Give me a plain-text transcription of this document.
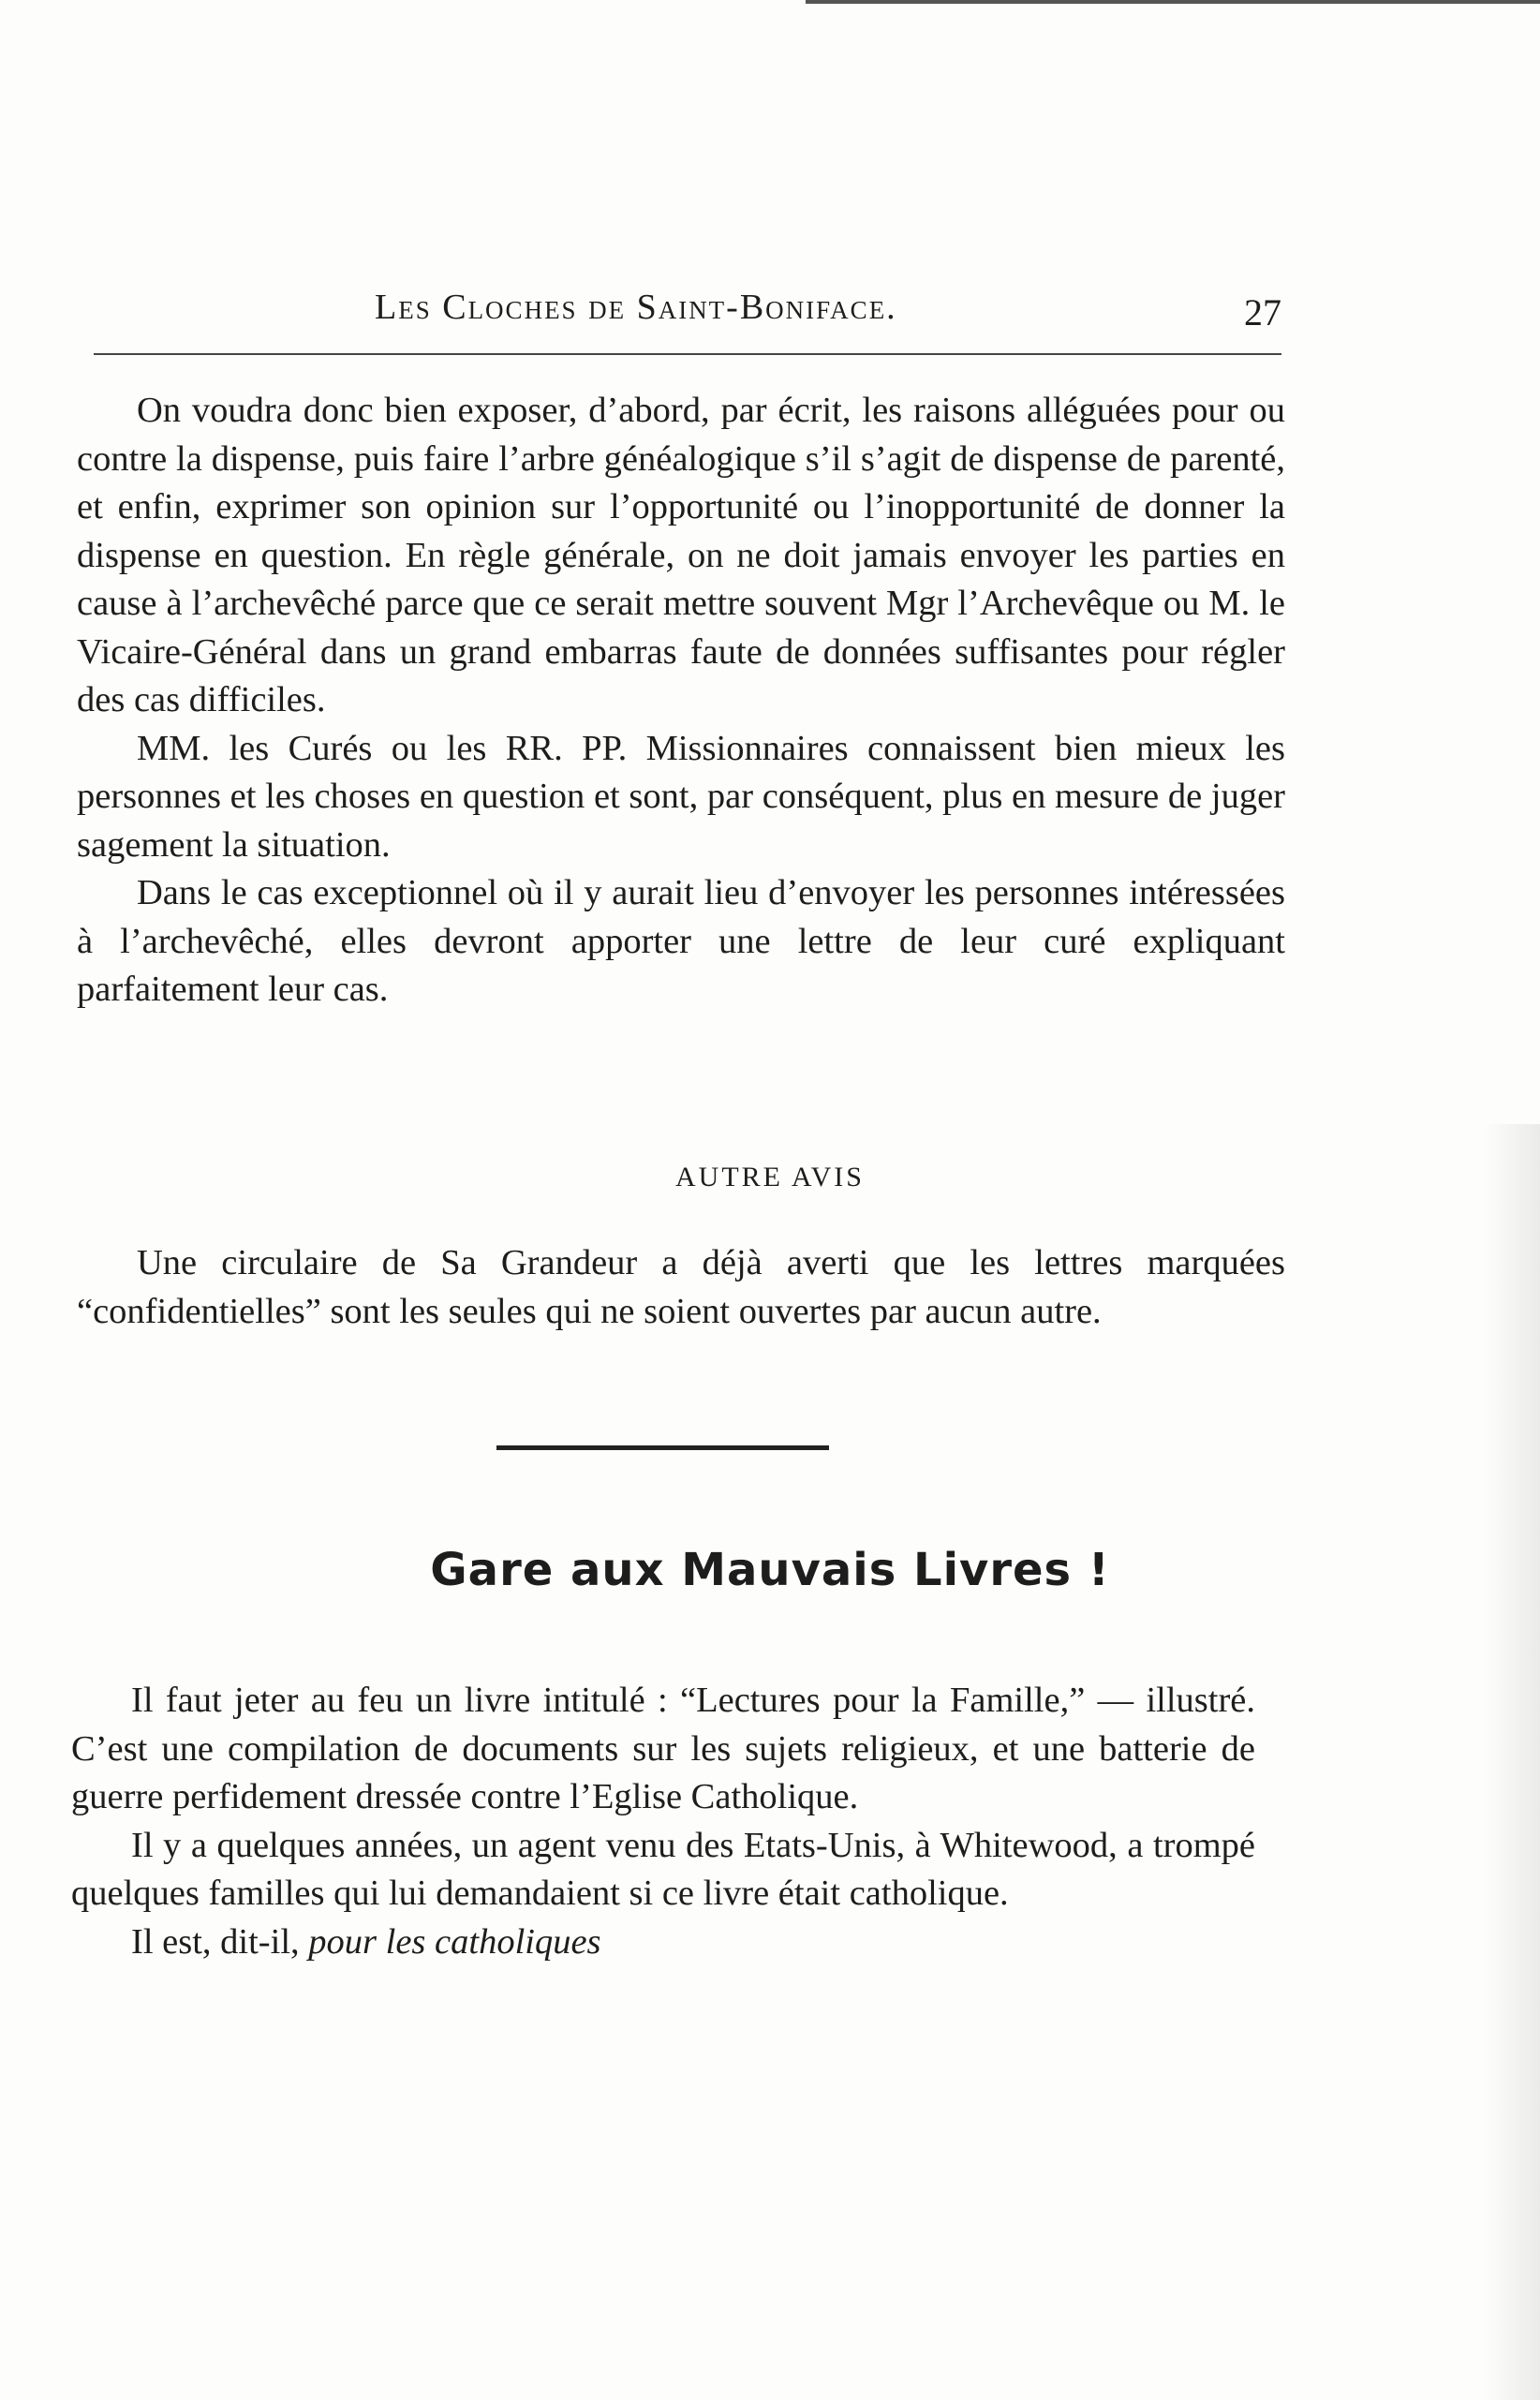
Les Cloches de Saint-Boniface.	27

On voudra donc bien exposer, d’abord, par écrit, les raisons alléguées pour ou contre la dispense, puis faire l’arbre généalogique s’il s’agit de dispense de parenté, et enfin, exprimer son opinion sur l’opportunité ou l’inopportunité de donner la dispense en question. En règle générale, on ne doit jamais envoyer les parties en cause à l’archevêché parce que ce serait mettre souvent Mgr l’Archevêque ou M. le Vicaire-Général dans un grand embarras faute de données suffisantes pour régler des cas difficiles.

MM. les Curés ou les RR. PP. Missionnaires connaissent bien mieux les personnes et les choses en question et sont, par conséquent, plus en mesure de juger sagement la situation.

Dans le cas exceptionnel où il y aurait lieu d’envoyer les personnes intéressées à l’archevêché, elles devront apporter une lettre de leur curé expliquant parfaitement leur cas.

AUTRE AVIS

Une circulaire de Sa Grandeur a déjà averti que les lettres marquées “confidentielles” sont les seules qui ne soient ouvertes par aucun autre.

Gare aux Mauvais Livres !

Il faut jeter au feu un livre intitulé : “Lectures pour la Famille,” — illustré. C’est une compilation de documents sur les sujets religieux, et une batterie de guerre perfidement dressée contre l’Eglise Catholique.

Il y a quelques années, un agent venu des Etats-Unis, à Whitewood, a trompé quelques familles qui lui demandaient si ce livre était catholique.

Il est, dit-il, pour les catholiques
